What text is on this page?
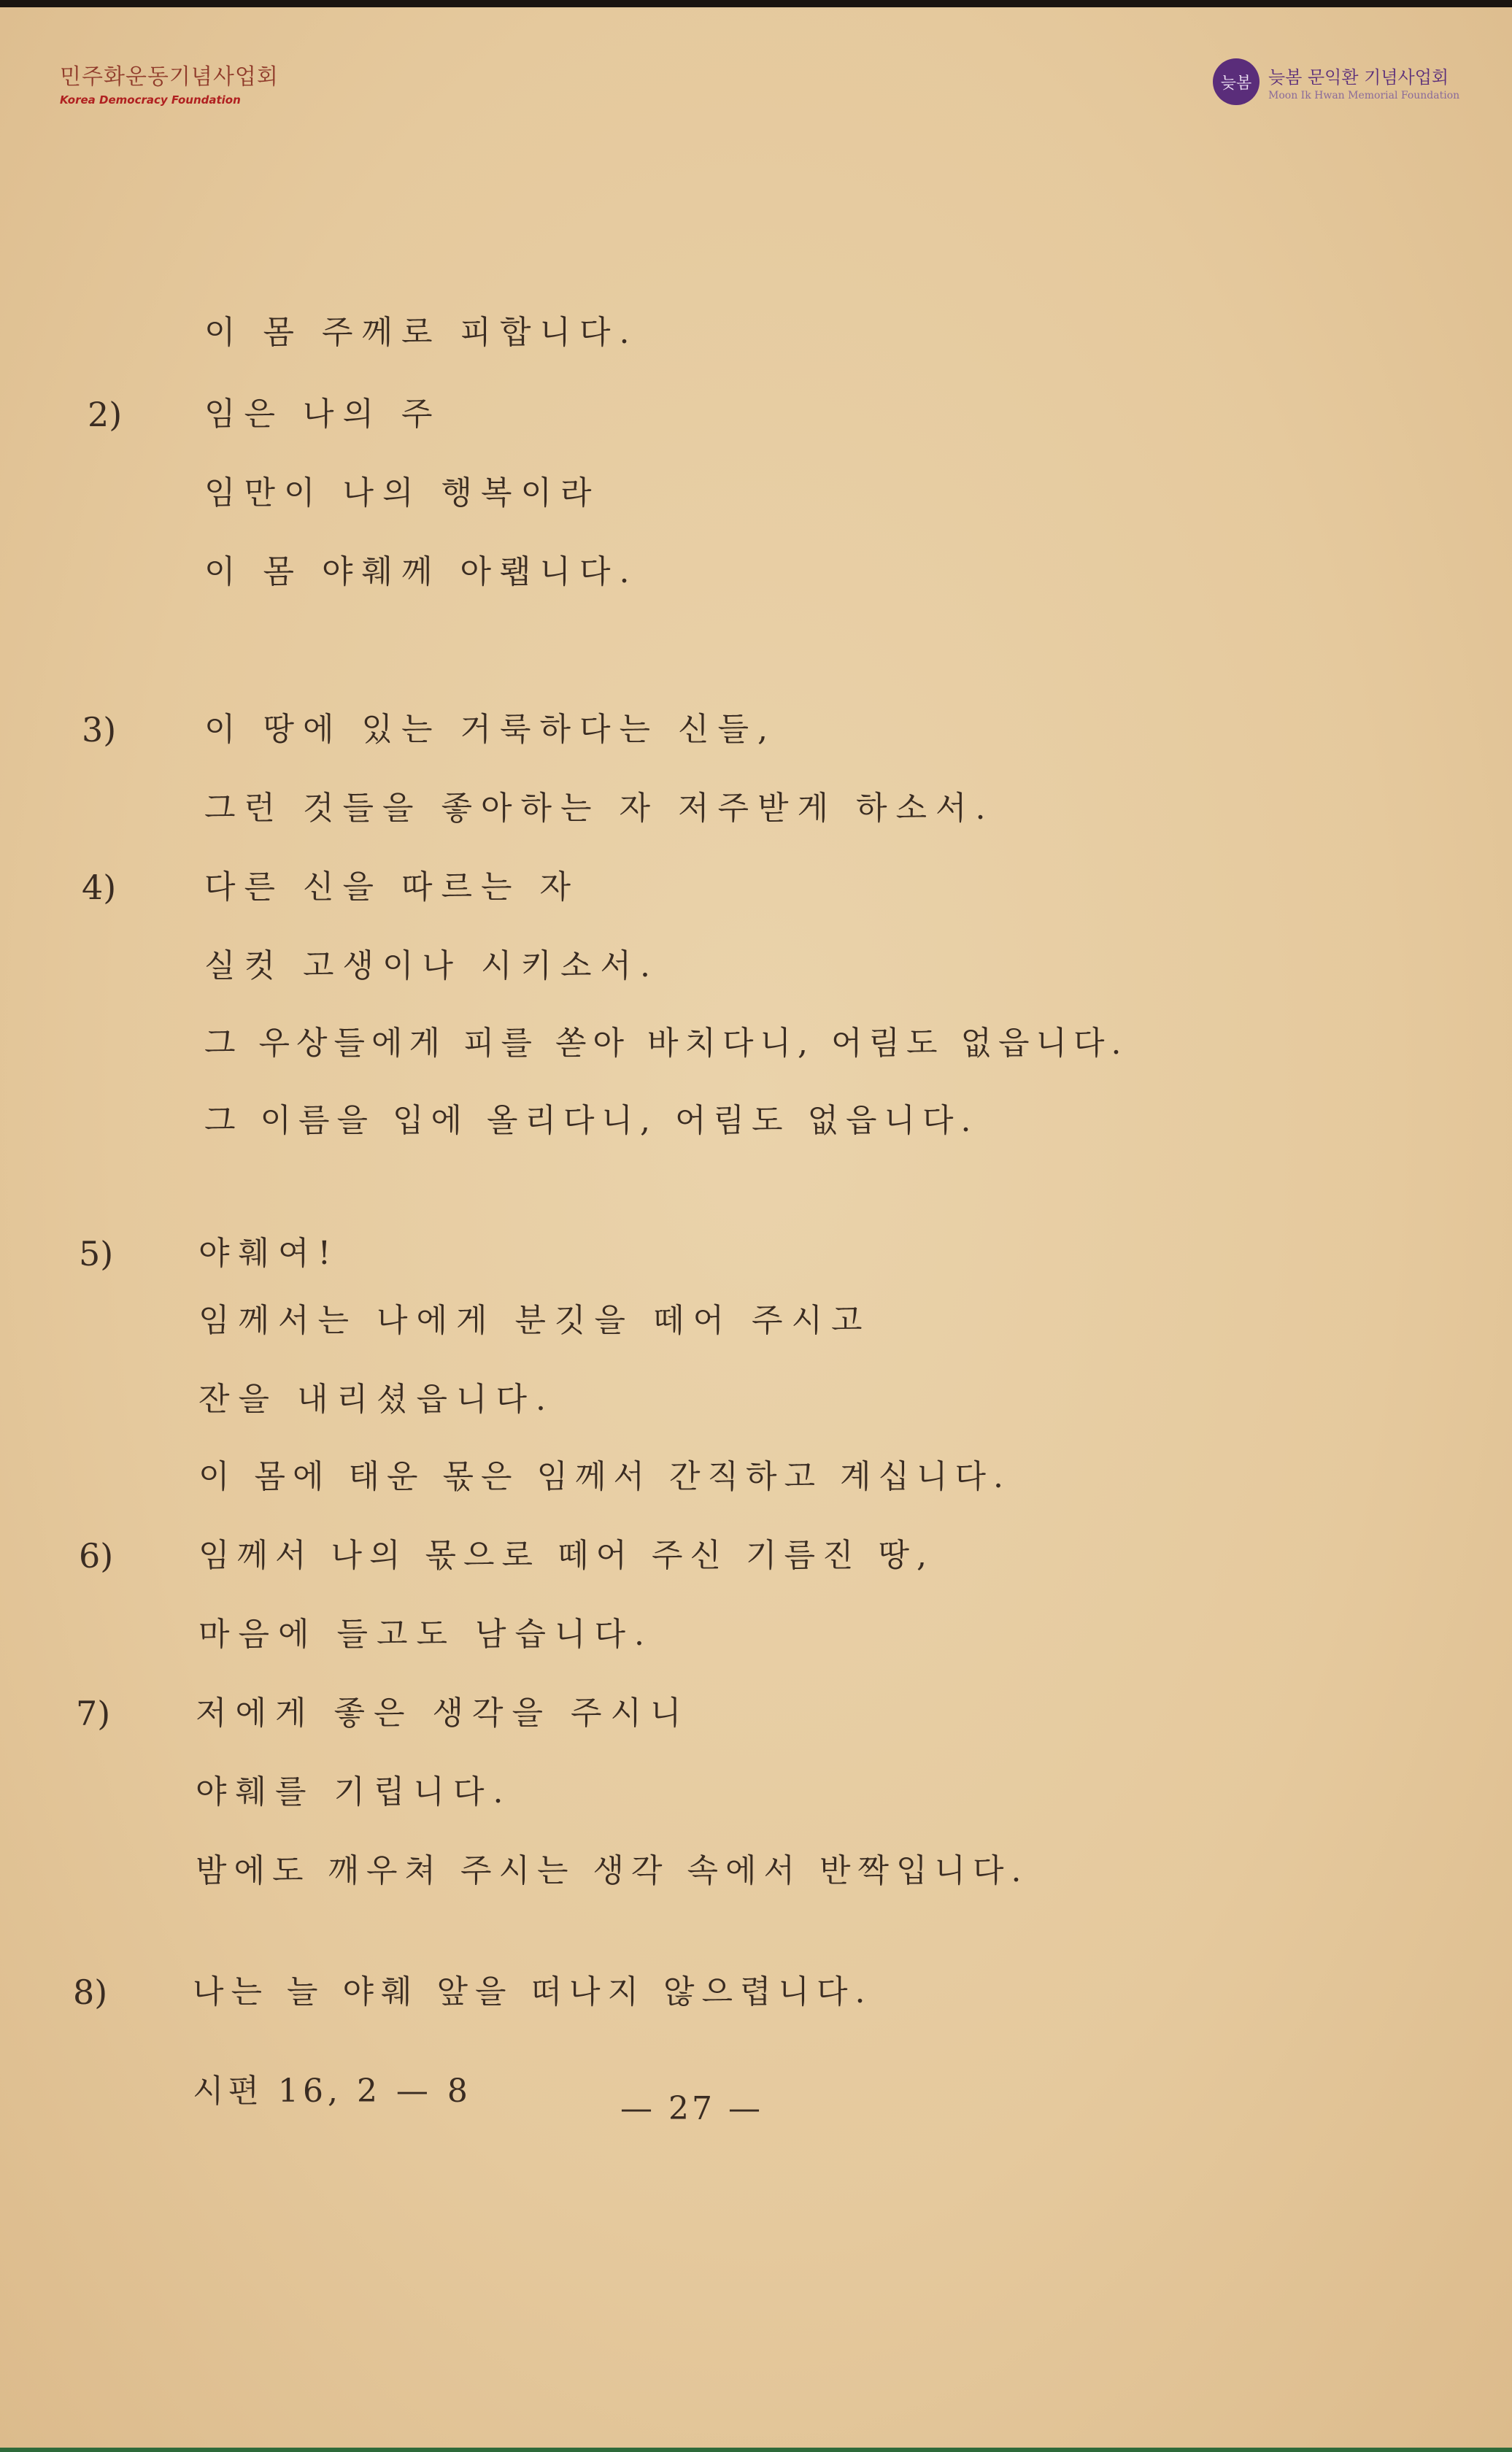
민주화운동기념사업회
Korea Democracy Foundation
늦봄 늦봄 문익환 기념사업회
Moon Ik Hwan Memorial Foundation
이 몸 주께로 피합니다.
2)	임은 나의 주
임만이 나의 행복이라
이 몸 야훼께 아뢥니다.
3)	이 땅에 있는 거룩하다는 신들,
그런 것들을 좋아하는 자 저주받게 하소서.
4)	다른 신을 따르는 자
실컷 고생이나 시키소서.
그 우상들에게 피를 쏟아 바치다니, 어림도 없읍니다.
그 이름을 입에 올리다니, 어림도 없읍니다.
5)	야훼여!
임께서는 나에게 분깃을 떼어 주시고
잔을 내리셨읍니다.
이 몸에 태운 몫은 임께서 간직하고 계십니다.
6)	임께서 나의 몫으로 떼어 주신 기름진 땅,
마음에 들고도 남습니다.
7)	저에게 좋은 생각을 주시니
야훼를 기립니다.
밤에도 깨우쳐 주시는 생각 속에서 반짝입니다.
8)	나는 늘 야훼 앞을 떠나지 않으렵니다.
시편 16, 2 — 8	— 27 —
